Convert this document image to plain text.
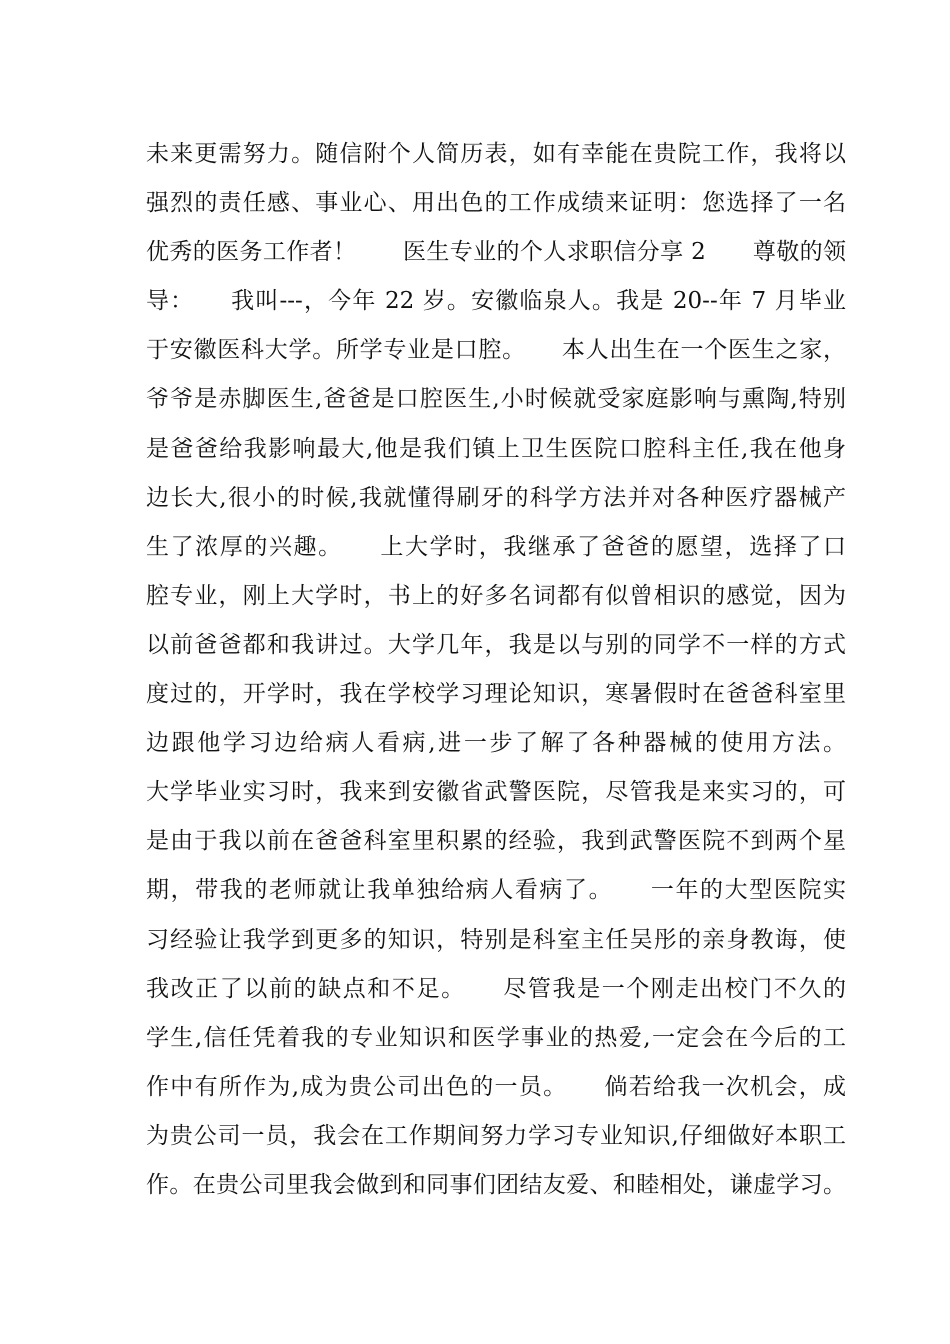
未来更需努力。随信附个人简历表，如有幸能在贵院工作，我将以
强烈的责任感、事业心、用出色的工作成绩来证明：您选择了一名
优秀的医务工作者！　　医生专业的个人求职信分享 2　　尊敬的领
导：　　我叫---，今年 22 岁。安徽临泉人。我是 20--年 7 月毕业
于安徽医科大学。所学专业是口腔。　　本人出生在一个医生之家，
爷爷是赤脚医生,爸爸是口腔医生,小时候就受家庭影响与熏陶,特别
是爸爸给我影响最大,他是我们镇上卫生医院口腔科主任,我在他身
边长大,很小的时候,我就懂得刷牙的科学方法并对各种医疗器械产
生了浓厚的兴趣。　　上大学时，我继承了爸爸的愿望，选择了口
腔专业，刚上大学时，书上的好多名词都有似曾相识的感觉，因为
以前爸爸都和我讲过。大学几年，我是以与别的同学不一样的方式
度过的，开学时，我在学校学习理论知识，寒暑假时在爸爸科室里
边跟他学习边给病人看病,进一步了解了各种器械的使用方法。
大学毕业实习时，我来到安徽省武警医院，尽管我是来实习的，可
是由于我以前在爸爸科室里积累的经验，我到武警医院不到两个星
期，带我的老师就让我单独给病人看病了。　　一年的大型医院实
习经验让我学到更多的知识，特别是科室主任吴彤的亲身教诲，使
我改正了以前的缺点和不足。　　尽管我是一个刚走出校门不久的
学生,信任凭着我的专业知识和医学事业的热爱,一定会在今后的工
作中有所作为,成为贵公司出色的一员。　　倘若给我一次机会，成
为贵公司一员，我会在工作期间努力学习专业知识,仔细做好本职工
作。在贵公司里我会做到和同事们团结友爱、和睦相处，谦虚学习。
